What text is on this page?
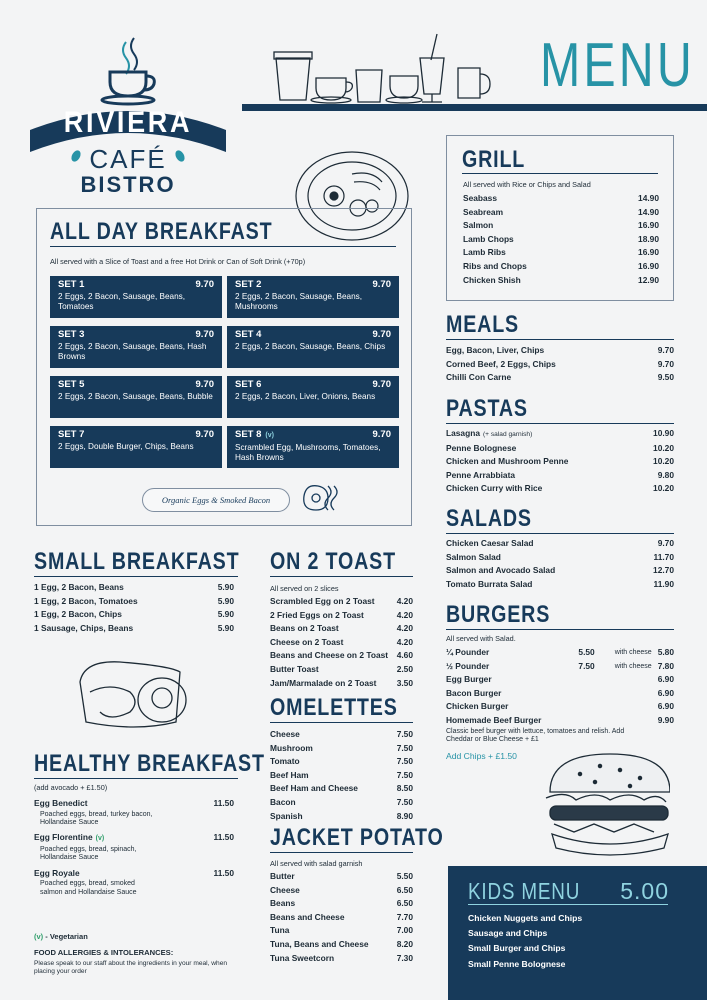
RIVIERA
CAFÉ
BISTRO
MENU
ALL DAY BREAKFAST
All served with a Slice of Toast and a free Hot Drink or Can of Soft Drink (+70p)
SET 1	9.70
2 Eggs, 2 Bacon, Sausage, Beans, Tomatoes
SET 2	9.70
2 Eggs, 2 Bacon, Sausage, Beans, Mushrooms
SET 3	9.70
2 Eggs, 2 Bacon, Sausage, Beans, Hash Browns
SET 4	9.70
2 Eggs, 2 Bacon, Sausage, Beans, Chips
SET 5	9.70
2 Eggs, 2 Bacon, Sausage, Beans, Bubble
SET 6	9.70
2 Eggs, 2 Bacon, Liver, Onions, Beans
SET 7	9.70
2 Eggs, Double Burger, Chips, Beans
SET 8 (v)	9.70
Scrambled Egg, Mushrooms, Tomatoes, Hash Browns
Organic Eggs & Smoked Bacon
SMALL BREAKFAST
1 Egg, 2 Bacon, Beans	5.90
1 Egg, 2 Bacon, Tomatoes	5.90
1 Egg, 2 Bacon, Chips	5.90
1 Sausage, Chips, Beans	5.90
HEALTHY BREAKFAST
(add avocado + £1.50)
Egg Benedict	11.50
Poached eggs, bread, turkey bacon, Hollandaise Sauce
Egg Florentine (v)	11.50
Poached eggs, bread, spinach, Hollandaise Sauce
Egg Royale	11.50
Poached eggs, bread, smoked salmon and Hollandaise Sauce
(v) - Vegetarian
FOOD ALLERGIES & INTOLERANCES:
Please speak to our staff about the ingredients in your meal, when placing your order
ON 2 TOAST
All served on 2 slices
Scrambled Egg on 2 Toast	4.20
2 Fried Eggs on 2 Toast	4.20
Beans on 2 Toast	4.20
Cheese on 2 Toast	4.20
Beans and Cheese on 2 Toast	4.60
Butter Toast	2.50
Jam/Marmalade on 2 Toast	3.50
OMELETTES
Cheese	7.50
Mushroom	7.50
Tomato	7.50
Beef Ham	7.50
Beef Ham and Cheese	8.50
Bacon	7.50
Spanish	8.90
JACKET POTATO
All served with salad garnish
Butter	5.50
Cheese	6.50
Beans	6.50
Beans and Cheese	7.70
Tuna	7.00
Tuna, Beans and Cheese	8.20
Tuna Sweetcorn	7.30
GRILL
All served with Rice or Chips and Salad
Seabass	14.90
Seabream	14.90
Salmon	16.90
Lamb Chops	18.90
Lamb Ribs	16.90
Ribs and Chops	16.90
Chicken Shish	12.90
MEALS
Egg, Bacon, Liver, Chips	9.70
Corned Beef, 2 Eggs, Chips	9.70
Chilli Con Carne	9.50
PASTAS
Lasagna (+ salad garnish)	10.90
Penne Bolognese	10.20
Chicken and Mushroom Penne	10.20
Penne Arrabbiata	9.80
Chicken Curry with Rice	10.20
SALADS
Chicken Caesar Salad	9.70
Salmon Salad	11.70
Salmon and Avocado Salad	12.70
Tomato Burrata Salad	11.90
BURGERS
All served with Salad.
¼ Pounder	5.50	with cheese 5.80
½ Pounder	7.50	with cheese 7.80
Egg Burger	6.90
Bacon Burger	6.90
Chicken Burger	6.90
Homemade Beef Burger	9.90
Classic beef burger with lettuce, tomatoes and relish. Add Cheddar or Blue Cheese + £1
Add Chips + £1.50
KIDS MENU 5.00
Chicken Nuggets and Chips
Sausage and Chips
Small Burger and Chips
Small Penne Bolognese
